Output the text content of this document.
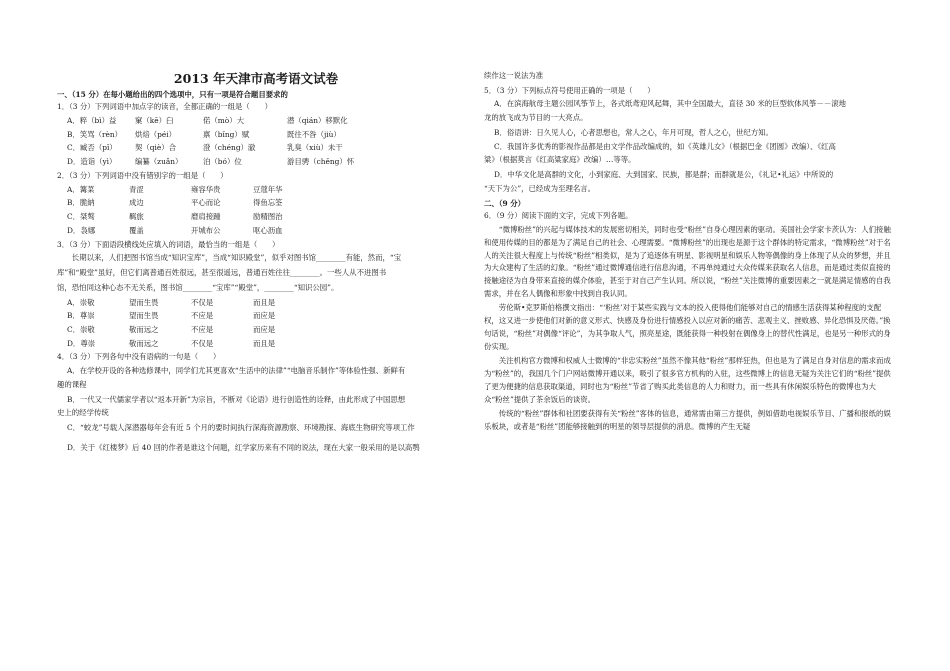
2013 年天津市高考语文试卷
一、（15 分）在每小题给出的四个选项中，只有一项是符合题目要求的
1．（3 分）下列词语中加点字的读音，全都正确的一组是（　　）
A．粹（bì）益	窠（kē）臼	偌（mò）大	潜（qián）移默化
B．笑骂（rèn）	烘焙（péi）	禀（bǐng）赋	既往不咎（jiù）
C．臧否（pǐ）	契（qiè）合	澄（chéng）澈	乳臭（xiù）未干
D．造诣（yì）	编纂（zuǎn）	泊（bó）位	游目骋（chěng）怀
2．（3 分）下列词语中没有错别字的一组是（　　）
A．篝菜	青涩	雍容华贵	豆蔻年华
B．脆納	成边	平心而论	得鱼忘筌
C．桀骜	羁旅	磨肩接踵	励精图治
D．袅娜	覆盖	开城布公	呕心沥血
3．（3 分）下面语段横线处应填入的词语，最恰当的一组是（　　）
长期以来，人们把图书馆当成“知识宝库”，当成“知识殿堂”，似乎对图书馆________有能，然而，“宝
库”和“殿堂”虽好，但它们离普通百姓很远，甚至很遥远，普通百姓往往________。一些人从不进图书
馆，恐怕同这种心态不无关系，图书馆________“宝库”“殿堂”，________“知识公园”。
A．崇敬	望而生畏	不仅是	而且是
B．尊崇	望而生畏	不应是	而应是
C．崇敬	敬而远之	不应是	而应是
D．尊崇	敬而远之	不仅是	而且是
4．（3 分）下列各句中没有语病的一句是（　　）
A．在学校开设的各种选修课中，同学们尤其更喜欢“生活中的法律”“电脑音乐制作”等体验性强、新鲜有
趣的课程
B．一代又一代儒家学者以“返本开新”为宗旨，不断对《论语》进行创造性的诠释，由此形成了中国思想
史上的经学传统
C．“蛟龙”号载人深潜器每年会有近 5 个月的要时间执行深海资源勘察、环境勘探、海底生物研究等项工作
D．关于《红楼梦》后 40 回的作者是谁这个问题，红学家历来有不同的说法，现在大家一般采用的是以高鹗
续作这一说法为准
5．（3 分）下列标点符号使用正确的一项是（　　）
A．在滨海航母主题公园风筝节上，各式纸鸢迎风起舞，其中全国最大，直径 30 米的巨型软体风筝－－滚地
龙的放飞成为节目的一大亮点。
B．俗语讲：日久见人心，心者思想也，常人之心，年月可现，哲人之心，世纪方知。
C．我国许多优秀的影视作品都是由文学作品改编成的，如《英雄儿女》（根据巴金《团圆》改编）、《红高
粱》（根据莫言《红高粱家庭》改编）…等等。
D．中华文化是高群的文化，小到家庭、大到国家、民族，都是群；而群就是公，《礼记•礼运》中所说的
“天下为公”，已经成为至理名言。
二、（9 分）
6．（9 分）阅读下面的文字，完成下列各题。
“微博粉丝”的兴起与媒体技术的发展密切相关，同时也受“粉丝”自身心理因素的驱动。美国社会学家卡茨认为：人们接触和使用传媒的目的都是为了满足自己的社会、心理需要。“微博粉丝”的出现也是源于这个群体的特定需求，“微博粉丝”对于名人的关注很大程度上与传统“粉丝”相类似，是为了追逐体有明星、影视明星和娱乐人物等偶像的身上体现了从众的梦想，并且为大众建构了生活的幻象。“粉丝”通过微博通信进行信息沟通，不再单纯通过大众传媒来获取名人信息，而是通过类似直接的接触途径为自身带来直接的媒介体验，甚至于对自己产生认同。所以说，“粉丝”关注微博的重要因素之一就是满足情感的自我需求，并在名人偶像和形象中找到自我认同。
劳伦斯•克罗斯伯格撰文指出：“‘粉丝’对于某些实践与文本的投入使得他们能够对自己的情感生活获得某种程度的支配权，这又进一步使他们对新的意义形式、快感及身份进行情感投入以应对新的痛苦、悲观主义、挫败感、异化恐惧及厌倦。”换句话说，“粉丝”对偶像“评论”，为其争取人气，照亮星途，既能获得一种投射在偶像身上的替代性满足，也是另一种形式的身份实现。
关注机构官方微博和权威人士微博的“非忠实粉丝”虽然不像其他“粉丝”那样狂热，但也是为了满足自身对信息的需求而成为“粉丝”的，我国几个门户网站微博开通以来，吸引了很多官方机构的入驻，这些微博上的信息无疑为关注它们的“粉丝”提供了更为便捷的信息获取渠道，同时也为“粉丝”节省了购买此类信息的人力和财力，而一些具有休闲娱乐特色的微博也为大众“粉丝”提供了茶余饭后的谈资。
传统的“粉丝”群体和社团要获得有关“粉丝”客体的信息，通常需由第三方提供，例如借助电视娱乐节目、广播和报纸的娱乐板块，或者是“粉丝”团能够接触到的明星的领导层提供的消息。微博的产生无疑
